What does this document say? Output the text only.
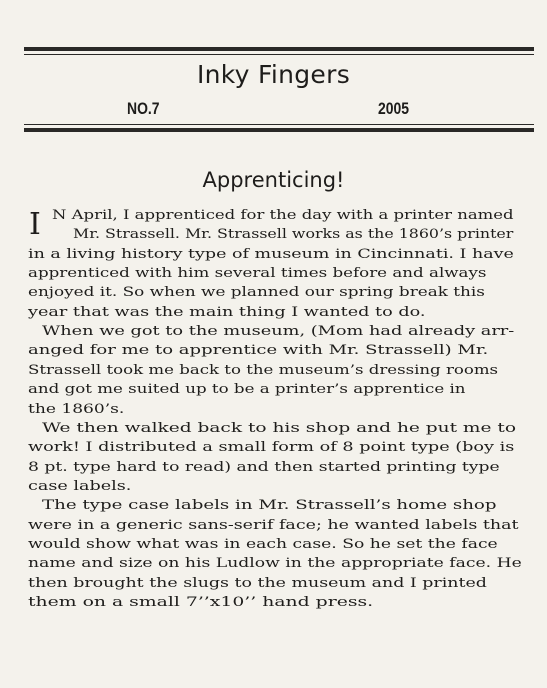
Inky Fingers
NO.7	2005
Apprenticing!
I N April, I apprenticed for the day with a printer named
Mr. Strassell. Mr. Strassell works as the 1860’s printer
in a living history type of museum in Cincinnati. I have
apprenticed with him several times before and always
enjoyed it. So when we planned our spring break this
year that was the main thing I wanted to do.
When we got to the museum, (Mom had already arr-
anged for me to apprentice with Mr. Strassell) Mr.
Strassell took me back to the museum’s dressing rooms
and got me suited up to be a printer’s apprentice in
the 1860’s.
We then walked back to his shop and he put me to
work! I distributed a small form of 8 point type (boy is
8 pt. type hard to read) and then started printing type
case labels.
The type case labels in Mr. Strassell’s home shop
were in a generic sans-serif face; he wanted labels that
would show what was in each case. So he set the face
name and size on his Ludlow in the appropriate face. He
then brought the slugs to the museum and I printed
them on a small 7’’x10’’ hand press.
